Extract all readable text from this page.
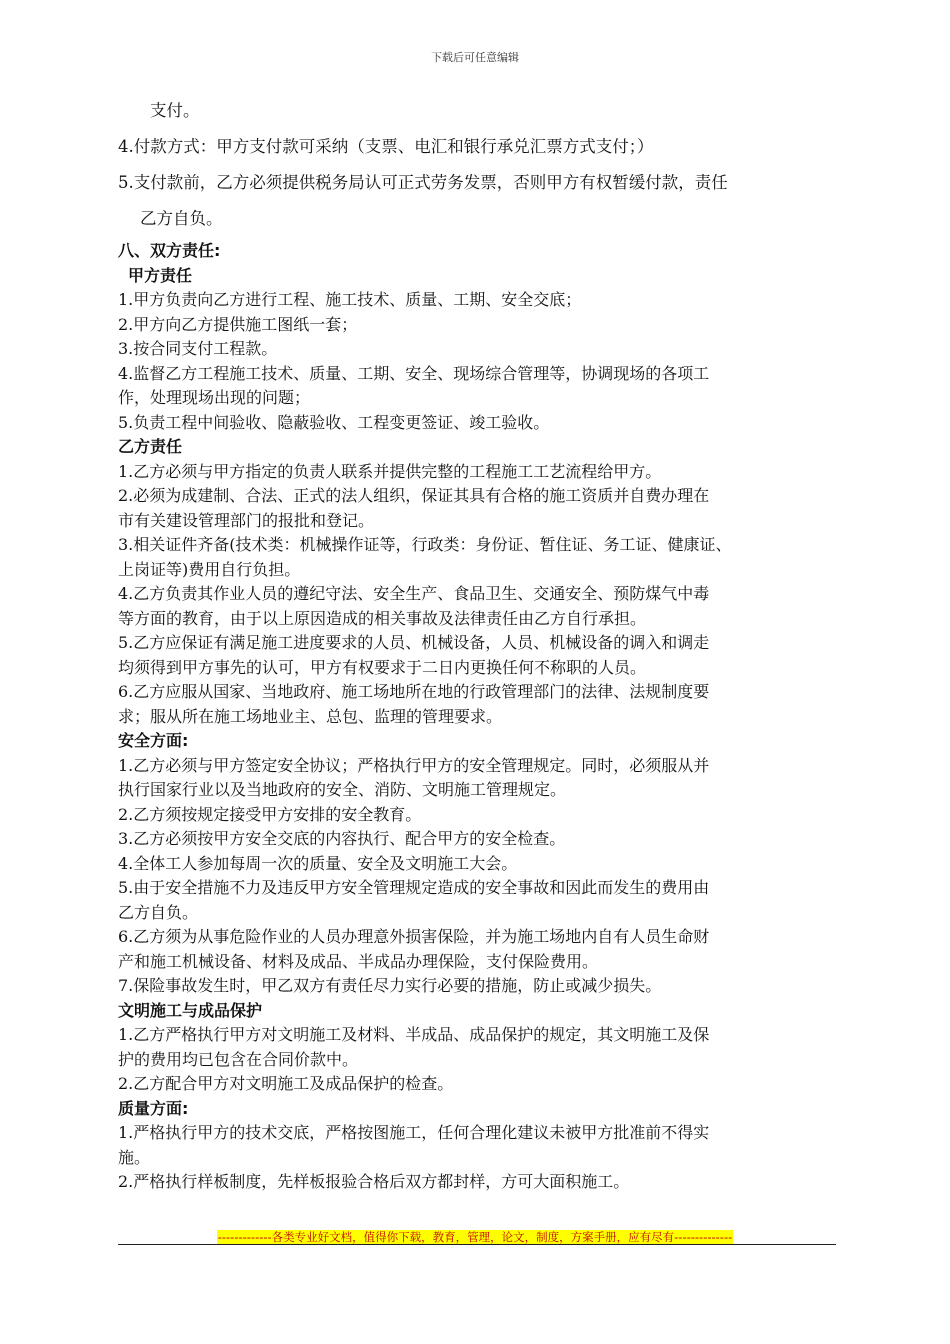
下载后可任意编辑

支付。

4.付款方式：甲方支付款可采纳（支票、电汇和银行承兑汇票方式支付；）

5.支付款前，乙方必须提供税务局认可正式劳务发票，否则甲方有权暂缓付款，责任

乙方自负。

八、双方责任:

甲方责任

1.甲方负责向乙方进行工程、施工技术、质量、工期、安全交底；

2.甲方向乙方提供施工图纸一套；

3.按合同支付工程款。

4.监督乙方工程施工技术、质量、工期、安全、现场综合管理等，协调现场的各项工

作，处理现场出现的问题；

5.负责工程中间验收、隐蔽验收、工程变更签证、竣工验收。

乙方责任

1.乙方必须与甲方指定的负责人联系并提供完整的工程施工工艺流程给甲方。

2.必须为成建制、合法、正式的法人组织，保证其具有合格的施工资质并自费办理在

市有关建设管理部门的报批和登记。

3.相关证件齐备(技术类：机械操作证等，行政类：身份证、暂住证、务工证、健康证、

上岗证等)费用自行负担。

4.乙方负责其作业人员的遵纪守法、安全生产、食品卫生、交通安全、预防煤气中毒

等方面的教育，由于以上原因造成的相关事故及法律责任由乙方自行承担。

5.乙方应保证有满足施工进度要求的人员、机械设备，人员、机械设备的调入和调走

均须得到甲方事先的认可，甲方有权要求于二日内更换任何不称职的人员。

6.乙方应服从国家、当地政府、施工场地所在地的行政管理部门的法律、法规制度要

求；服从所在施工场地业主、总包、监理的管理要求。

安全方面:

1.乙方必须与甲方签定安全协议；严格执行甲方的安全管理规定。同时，必须服从并

执行国家行业以及当地政府的安全、消防、文明施工管理规定。

2.乙方须按规定接受甲方安排的安全教育。

3.乙方必须按甲方安全交底的内容执行、配合甲方的安全检查。

4.全体工人参加每周一次的质量、安全及文明施工大会。

5.由于安全措施不力及违反甲方安全管理规定造成的安全事故和因此而发生的费用由

乙方自负。

6.乙方须为从事危险作业的人员办理意外损害保险，并为施工场地内自有人员生命财

产和施工机械设备、材料及成品、半成品办理保险，支付保险费用。

7.保险事故发生时，甲乙双方有责任尽力实行必要的措施，防止或减少损失。

文明施工与成品保护

1.乙方严格执行甲方对文明施工及材料、半成品、成品保护的规定，其文明施工及保

护的费用均已包含在合同价款中。

2.乙方配合甲方对文明施工及成品保护的检查。

质量方面:

1.严格执行甲方的技术交底，严格按图施工，任何合理化建议未被甲方批准前不得实

施。

2.严格执行样板制度，先样板报验合格后双方都封样，方可大面积施工。

-------------各类专业好文档，值得你下载，教育，管理，论文，制度，方案手册，应有尽有--------------
